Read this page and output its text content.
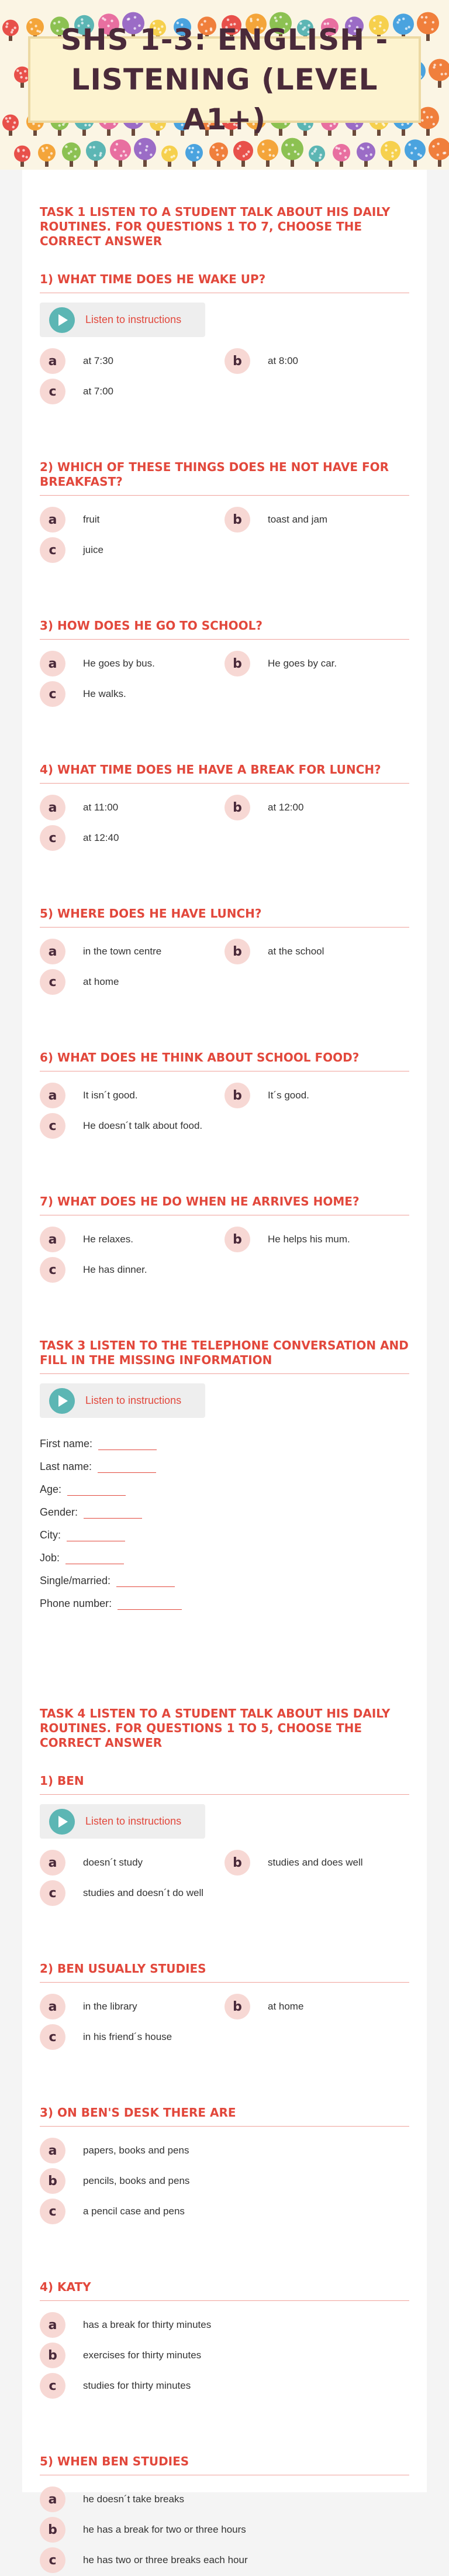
SHS 1-3: ENGLISH - LISTENING (LEVEL A1+)

TASK 1 LISTEN TO A STUDENT TALK ABOUT HIS DAILY ROUTINES. FOR QUESTIONS 1 TO 7, CHOOSE THE CORRECT ANSWER

1) WHAT TIME DOES HE WAKE UP?

Listen to instructions
a	at 7:30	b	at 8:00
c	at 7:00

2) WHICH OF THESE THINGS DOES HE NOT HAVE FOR BREAKFAST?

a	fruit	b	toast and jam
c	juice

3) HOW DOES HE GO TO SCHOOL?

a	He goes by bus.	b	He goes by car.
c	He walks.

4) WHAT TIME DOES HE HAVE A BREAK FOR LUNCH?

a	at 11:00	b	at 12:00
c	at 12:40

5) WHERE DOES HE HAVE LUNCH?

a	in the town centre	b	at the school
c	at home

6) WHAT DOES HE THINK ABOUT SCHOOL FOOD?

a	It isn´t good.	b	It´s good.
c	He doesn´t talk about food.

7) WHAT DOES HE DO WHEN HE ARRIVES HOME?

a	He relaxes.	b	He helps his mum.
c	He has dinner.

TASK 3 LISTEN TO THE TELEPHONE CONVERSATION AND FILL IN THE MISSING INFORMATION

Listen to instructions
First name:
Last name:
Age:
Gender:
City:
Job:
Single/married:
Phone number:

TASK 4 LISTEN TO A STUDENT TALK ABOUT HIS DAILY ROUTINES. FOR QUESTIONS 1 TO 5, CHOOSE THE CORRECT ANSWER

1) BEN

Listen to instructions
a	doesn´t study	b	studies and does well
c	studies and doesn´t do well

2) BEN USUALLY STUDIES

a	in the library	b	at home
c	in his friend´s house

3) ON BEN'S DESK THERE ARE

a	papers, books and pens
b	pencils, books and pens
c	a pencil case and pens

4) KATY

a	has a break for thirty minutes
b	exercises for thirty minutes
c	studies for thirty minutes

5) WHEN BEN STUDIES

a	he doesn´t take breaks
b	he has a break for two or three hours
c	he has two or three breaks each hour
